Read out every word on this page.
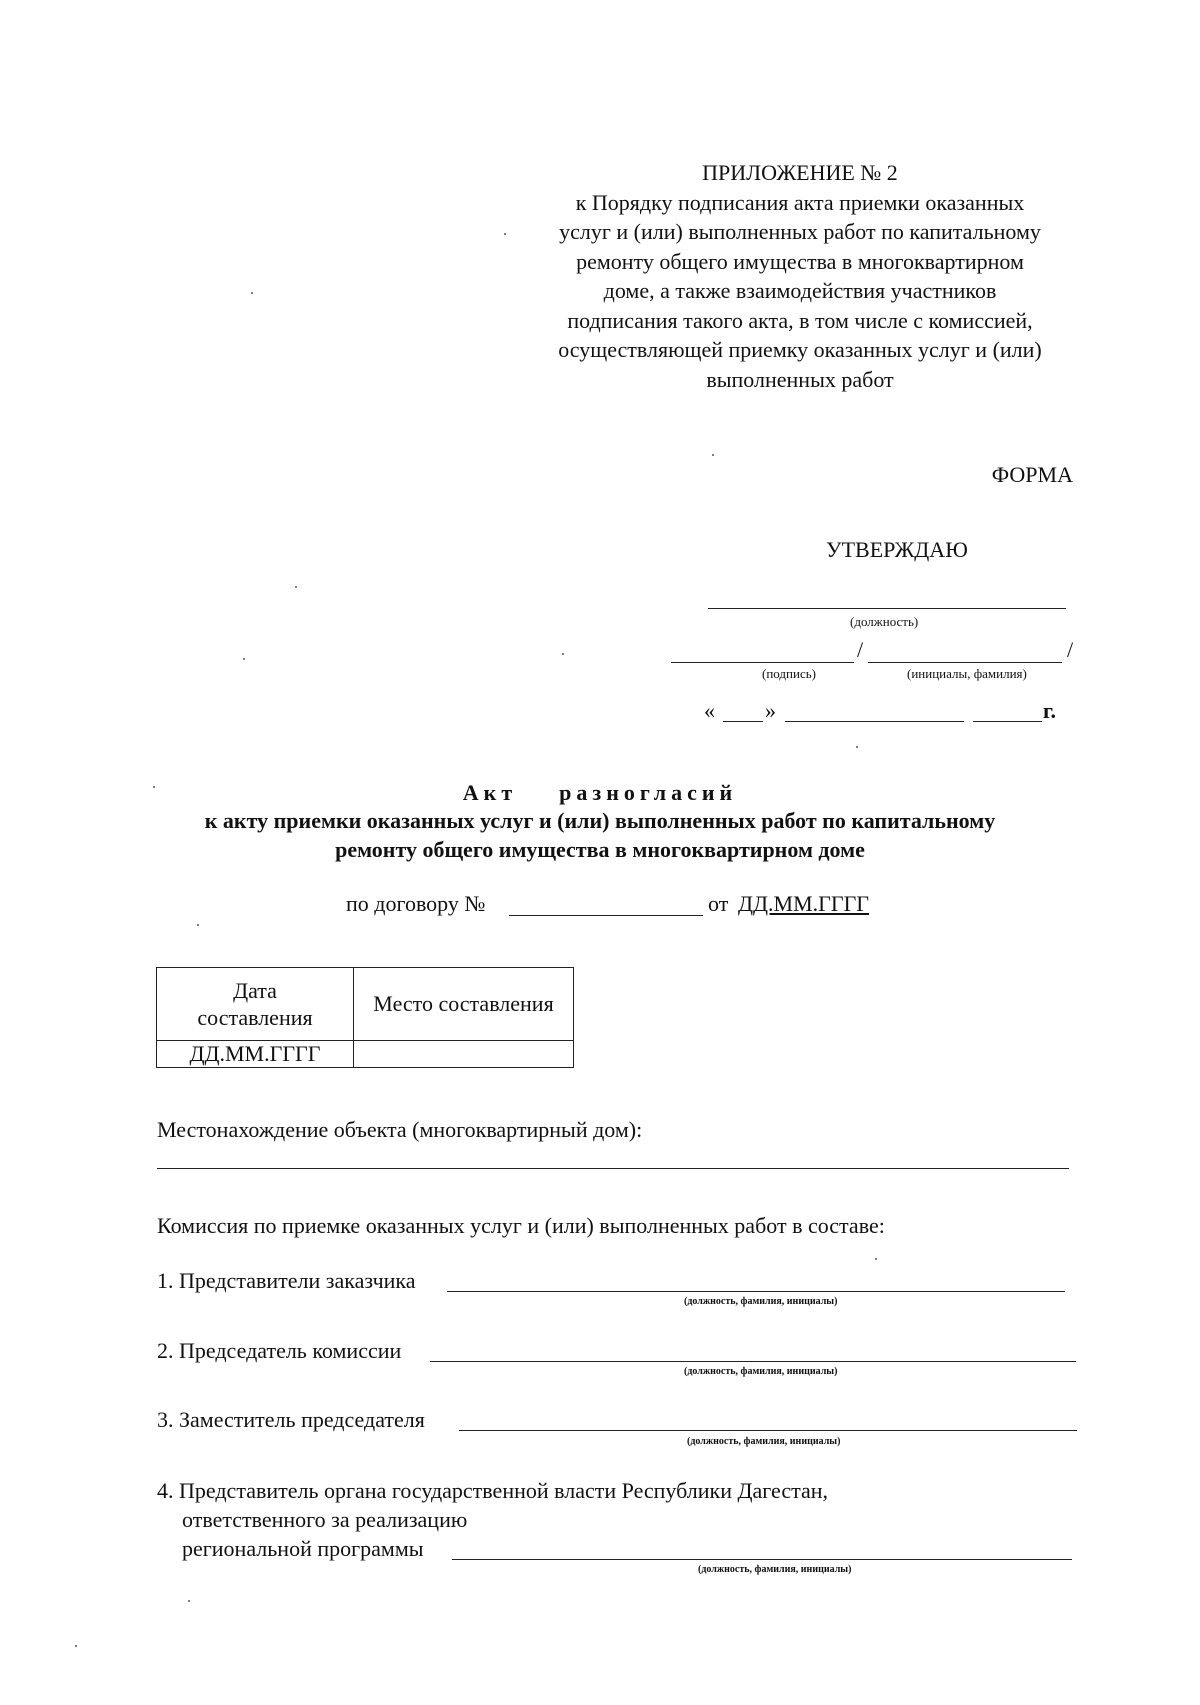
ПРИЛОЖЕНИЕ № 2
к Порядку подписания акта приемки оказанных
услуг и (или) выполненных работ по капитальному
ремонту общего имущества в многоквартирном
доме, а также взаимодействия участников
подписания такого акта, в том числе с комиссией,
осуществляющей приемку оказанных услуг и (или)
выполненных работ
ФОРМА
УТВЕРЖДАЮ
(должность)
/	/
(подпись)	(инициалы, фамилия)
« »	г.
Акт    разногласий
к акту приемки оказанных услуг и (или) выполненных работ по капитальному
ремонту общего имущества в многоквартирном доме
по договору №	от ДД.ММ.ГГГГ
Дата
составления	Место составления
ДД.ММ.ГГГГ	
Местонахождение объекта (многоквартирный дом):
Комиссия по приемке оказанных услуг и (или) выполненных работ в составе:
1. Представители заказчика
(должность, фамилия, инициалы)
2. Председатель комиссии
(должность, фамилия, инициалы)
3. Заместитель председателя
(должность, фамилия, инициалы)
4. Представитель органа государственной власти Республики Дагестан,
ответственного за реализацию
региональной программы
(должность, фамилия, инициалы)
